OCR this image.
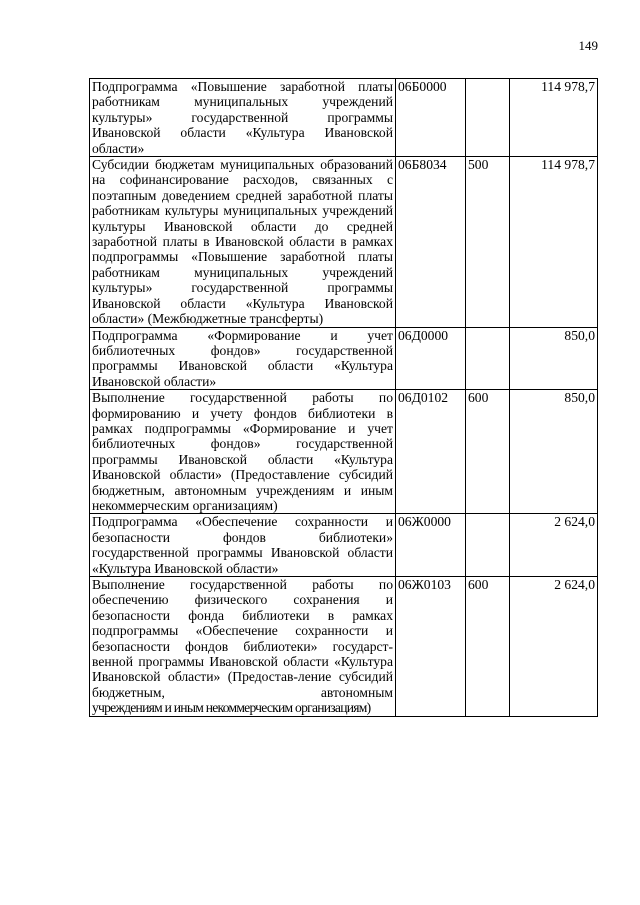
149
Подпрограмма «Повышение заработной платы работникам муниципальных учреждений культуры» государственной программы Ивановской области «Культура Ивановской области»	06Б0000		114 978,7
Субсидии бюджетам муниципальных образований на софинансирование расходов, связанных с поэтапным доведением средней заработной платы работникам культуры муниципальных учреждений культуры Ивановской области до средней заработной платы в Ивановской области в рамках подпрограммы «Повышение заработной платы работникам муниципальных учреждений культуры» государственной программы Ивановской области «Культура Ивановской области» (Межбюджетные трансферты)	06Б8034	500	114 978,7
Подпрограмма «Формирование и учет библиотечных фондов» государственной программы Ивановской области «Культура Ивановской области»	06Д0000		850,0
Выполнение государственной работы по формированию и учету фондов библиотеки в рамках подпрограммы «Формирование и учет библиотечных фондов» государственной программы Ивановской области «Культура Ивановской области» (Предоставление субсидий бюджетным, автономным учреждениям и иным некоммерческим организациям)	06Д0102	600	850,0
Подпрограмма «Обеспечение сохранности и безопасности фондов библиотеки» государственной программы Ивановской области «Культура Ивановской области»	06Ж0000		2 624,0
Выполнение государственной работы по обеспечению физического сохранения и безопасности фонда библиотеки в рамках подпрограммы «Обеспечение сохранности и безопасности фондов библиотеки» государст-венной программы Ивановской области «Культура Ивановской области» (Предостав-ление субсидий бюджетным, автономным учреждениям и иным некоммерческим организациям)	06Ж0103	600	2 624,0
